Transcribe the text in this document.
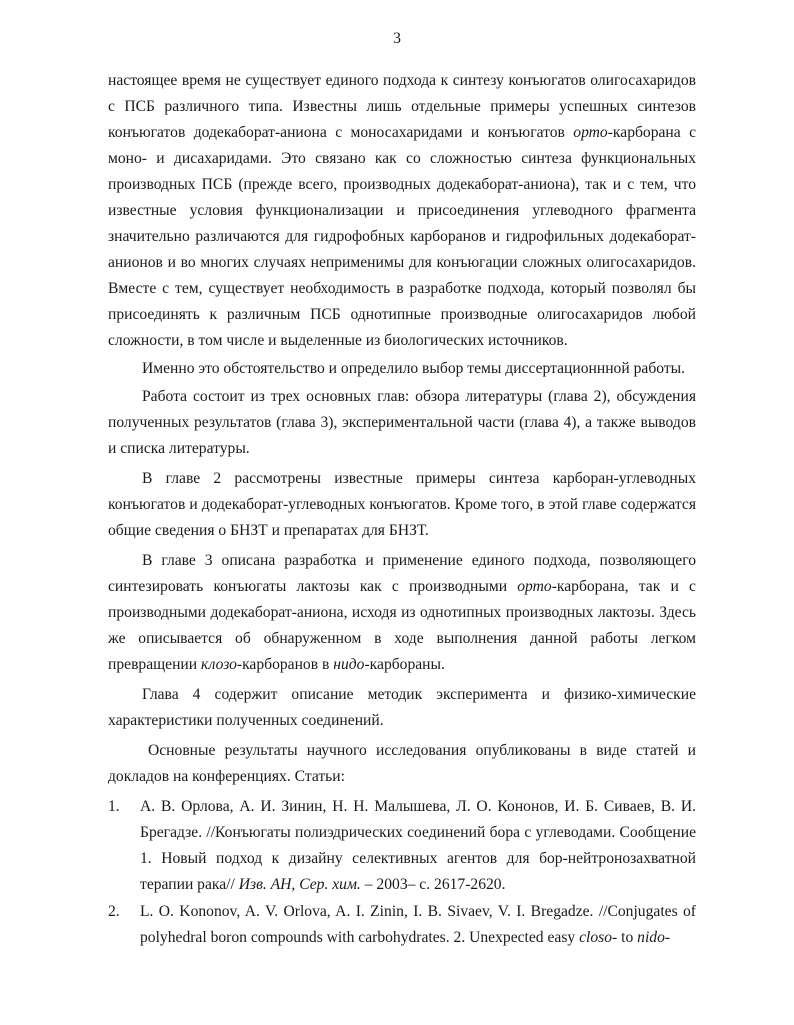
3

настоящее время не существует единого подхода к синтезу конъюгатов олигосахаридов с ПСБ различного типа. Известны лишь отдельные примеры успешных синтезов конъюгатов додекаборат-аниона с моносахаридами и конъюгатов орто-карборана с моно- и дисахаридами. Это связано как со сложностью синтеза функциональных производных ПСБ (прежде всего, производных додекаборат-аниона), так и с тем, что известные условия функционализации и присоединения углеводного фрагмента значительно различаются для гидрофобных карборанов и гидрофильных додекаборат-анионов и во многих случаях неприменимы для конъюгации сложных олигосахаридов. Вместе с тем, существует необходимость в разработке подхода, который позволял бы присоединять к различным ПСБ однотипные производные олигосахаридов любой сложности, в том числе и выделенные из биологических источников.

Именно это обстоятельство и определило выбор темы диссертационнной работы.

Работа состоит из трех основных глав: обзора литературы (глава 2), обсуждения полученных результатов (глава 3), экспериментальной части (глава 4), а также выводов и списка литературы.

В главе 2 рассмотрены известные примеры синтеза карборан-углеводных конъюгатов и додекаборат-углеводных конъюгатов. Кроме того, в этой главе содержатся общие сведения о БНЗТ и препаратах для БНЗТ.

В главе 3 описана разработка и применение единого подхода, позволяющего синтезировать конъюгаты лактозы как с производными орто-карборана, так и с производными додекаборат-аниона, исходя из однотипных производных лактозы. Здесь же описывается об обнаруженном в ходе выполнения данной работы легком превращении клозо-карборанов в нидо-карбораны.

Глава 4 содержит описание методик эксперимента и физико-химические характеристики полученных соединений.

Основные результаты научного исследования опубликованы в виде статей и докладов на конференциях. Статьи:

1. А. В. Орлова, А. И. Зинин, Н. Н. Малышева, Л. О. Кононов, И. Б. Сиваев, В. И. Брегадзе. //Конъюгаты полиэдрических соединений бора с углеводами. Сообщение 1. Новый подход к дизайну селективных агентов для бор-нейтронозахватной терапии рака// Изв. АН, Сер. хим. – 2003– с. 2617-2620.
2. L. O. Kononov, A. V. Orlova, A. I. Zinin, I. B. Sivaev, V. I. Bregadze. //Conjugates of polyhedral boron compounds with carbohydrates. 2. Unexpected easy closo- to nido-
